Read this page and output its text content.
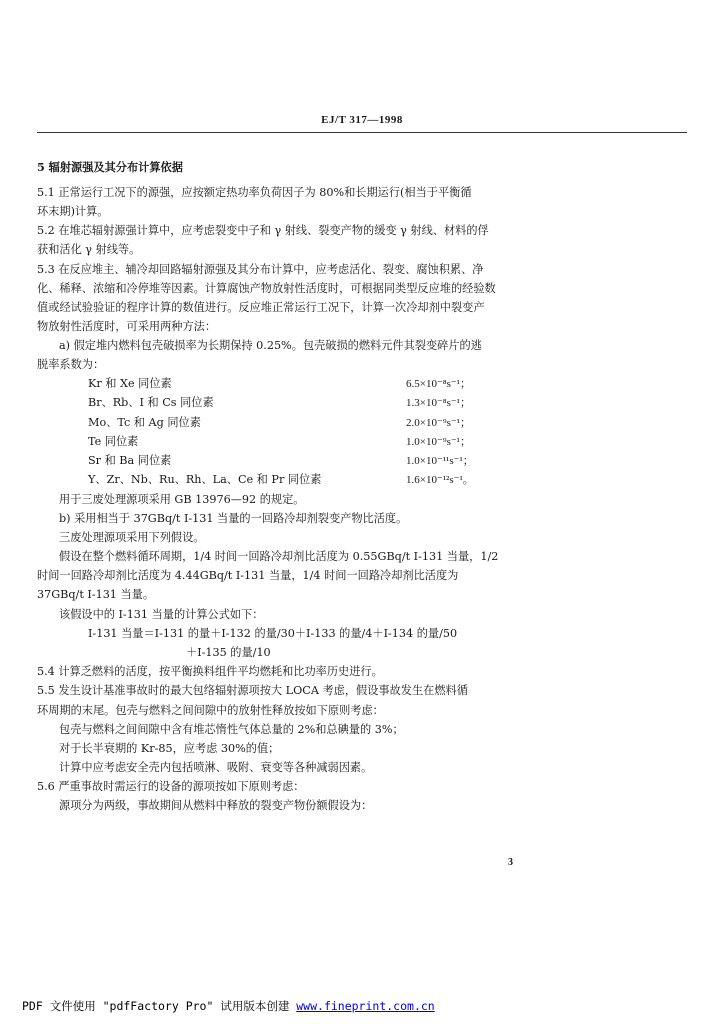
EJ/T 317—1998
5 辐射源强及其分布计算依据
5.1 正常运行工况下的源强，应按额定热功率负荷因子为 80%和长期运行(相当于平衡循
环末期)计算。
5.2 在堆芯辐射源强计算中，应考虑裂变中子和 γ 射线、裂变产物的缓变 γ 射线、材料的俘
获和活化 γ 射线等。
5.3 在反应堆主、辅冷却回路辐射源强及其分布计算中，应考虑活化、裂变、腐蚀积累、净
化、稀释、浓缩和冷停堆等因素。计算腐蚀产物放射性活度时，可根据同类型反应堆的经验数
值或经试验验证的程序计算的数值进行。反应堆正常运行工况下，计算一次冷却剂中裂变产
物放射性活度时，可采用两种方法：
a) 假定堆内燃料包壳破损率为长期保持 0.25%。包壳破损的燃料元件其裂变碎片的逃
脱率系数为：
Kr 和 Xe 同位素	6.5×10⁻⁸s⁻¹；
Br、Rb、I 和 Cs 同位素	1.3×10⁻⁸s⁻¹；
Mo、Tc 和 Ag 同位素	2.0×10⁻⁹s⁻¹；
Te 同位素	1.0×10⁻⁹s⁻¹；
Sr 和 Ba 同位素	1.0×10⁻¹¹s⁻¹；
Y、Zr、Nb、Ru、Rh、La、Ce 和 Pr 同位素	1.6×10⁻¹²s⁻¹。
用于三废处理源项采用 GB 13976—92 的规定。
b) 采用相当于 37GBq/t I-131 当量的一回路冷却剂裂变产物比活度。
三废处理源项采用下列假设。
假设在整个燃料循环周期，1/4 时间一回路冷却剂比活度为 0.55GBq/t I-131 当量，1/2
时间一回路冷却剂比活度为 4.44GBq/t I-131 当量，1/4 时间一回路冷却剂比活度为
37GBq/t I-131 当量。
该假设中的 I-131 当量的计算公式如下：
I-131 当量＝I-131 的量＋I-132 的量/30＋I-133 的量/4＋I-134 的量/50
＋I-135 的量/10
5.4 计算乏燃料的活度，按平衡换料组件平均燃耗和比功率历史进行。
5.5 发生设计基准事故时的最大包络辐射源项按大 LOCA 考虑，假设事故发生在燃料循
环周期的末尾。包壳与燃料之间间隙中的放射性释放按如下原则考虑：
包壳与燃料之间间隙中含有堆芯惰性气体总量的 2%和总碘量的 3%；
对于长半衰期的 Kr-85，应考虑 30%的值；
计算中应考虑安全壳内包括喷淋、吸附、衰变等各种减弱因素。
5.6 严重事故时需运行的设备的源项按如下原则考虑：
源项分为两级，事故期间从燃料中释放的裂变产物份额假设为：
3
PDF 文件使用 "pdfFactory Pro" 试用版本创建 www.fineprint.com.cn
